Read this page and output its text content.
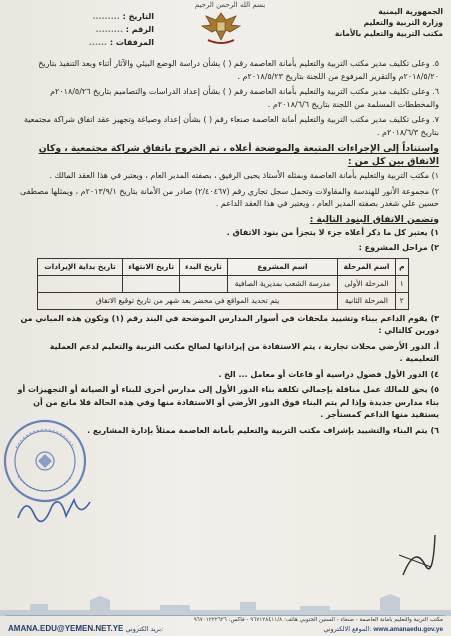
بسم الله الرحمن الرحيم
الجمهورية اليمنية
وزارة التربية والتعليم
مكتب التربية والتعليم بالأمانة
التاريخ : .........
الرقم : .........
المرفقات : ......

٥. وعلى تكليف مدير مكتب التربية والتعليم بأمانة العاصمة رقم ( ) بشأن دراسة الوضع البيئي والآثار أثناء وبعد التنفيذ بتاريخ ٢٠١٨/٥/٢٠م والتقرير المرفوع من اللجنة بتاريخ ٢٠١٨/٥/٢٣م .

٦. وعلى تكليف مدير مكتب التربية والتعليم بأمانة العاصمة رقم ( ) بشأن إعداد الدراسات والتصاميم بتاريخ ٢٠١٨/٥/٢٦م والمخططات المسلمة من اللجنة بتاريخ ٢٠١٨/٦/٦م .

٧. وعلى تكليف مدير مكتب التربية والتعليم أمانة العاصمة صنعاء رقم ( ) بشأن إعداد وصياغة وتجهيز عقد اتفاق شراكة مجتمعية بتاريخ ٢٠١٨/٦/٣م .

واستناداً إلى الإجراءات المتبعة والموضحة أعلاه ، تم الخروج باتفاق شراكة مجتمعية ، وكان الاتفاق بين كل من :

١) مكتب التربية والتعليم بأمانة العاصمة وبمثله الأستاذ يحيى الرفيق ، بصفته المدير العام ، ويعتبر في هذا العقد المالك .

٢) مجموعة الأنور للهندسة والمقاولات وتحمل سجل تجاري رقم (٢/٤٠٤٦٧) صادر من الأمانة بتاريخ ٢٠١٣/٩/١م ، ويمثلها مصطفى حسين علي شغدر بصفته المدير العام ، ويعتبر في هذا العقد الداعم .

وتضمن الاتفاق البنود التالية :

١) يعتبر كل ما ذكر أعلاه جزء لا يتجزأ من بنود الاتفاق .

٢) مراحل المشروع :

م	اسم المرحلة	اسم المشروع	تاريخ البدء	تاريخ الانتهاء	تاريخ بداية الإيرادات
١	المرحلة الأولى	مدرسة الشعب بمديرية الصافية			
٢	المرحلة الثانية	يتم تحديد المواقع في محضر بعد شهر من تاريخ توقيع الاتفاق			

٣) يقوم الداعم ببناء وتشييد ملحقات في أسوار المدارس الموضحة في البند رقم (١) وتكون هذه المباني من دورين كالتالي :

أ. الدور الأرضي محلات تجارية ، يتم الاستفادة من إيراداتها لصالح مكتب التربية والتعليم لدعم العملية التعليمية .

٤) الدور الأول فصول دراسية أو قاعات أو معامل ... الخ .

٥) يحق للمالك عمل مناقلة بإجمالي تكلفة بناء الدور الأول إلى مدارس أخرى للبناء أو الصيانة أو التجهيزات أو بناء مدارس جديدة وإذا لم يتم البناء فوق الدور الأرضي أو الاستفادة منها وفي هذه الحالة فلا مانع من أن يستفيد منها الداعم كمستأجر .

٦) يتم البناء والتشييد بإشراف مكتب التربية والتعليم بأمانة العاصمة ممثلاً بإدارة المشاريع .

مكتب التربية والتعليم بأمانة العاصمة - صنعاء - السنين الجنوبي هاتف: ٩٦٧١٢٨٤١١/٨ - فاكس: ٩٦٧٠١٢٢٢٦٢٦
الموقع الالكتروني: www.amanaedu.gov.ye
AMANA.EDU@YEMEN.NET.YE بريد الكتروني:
